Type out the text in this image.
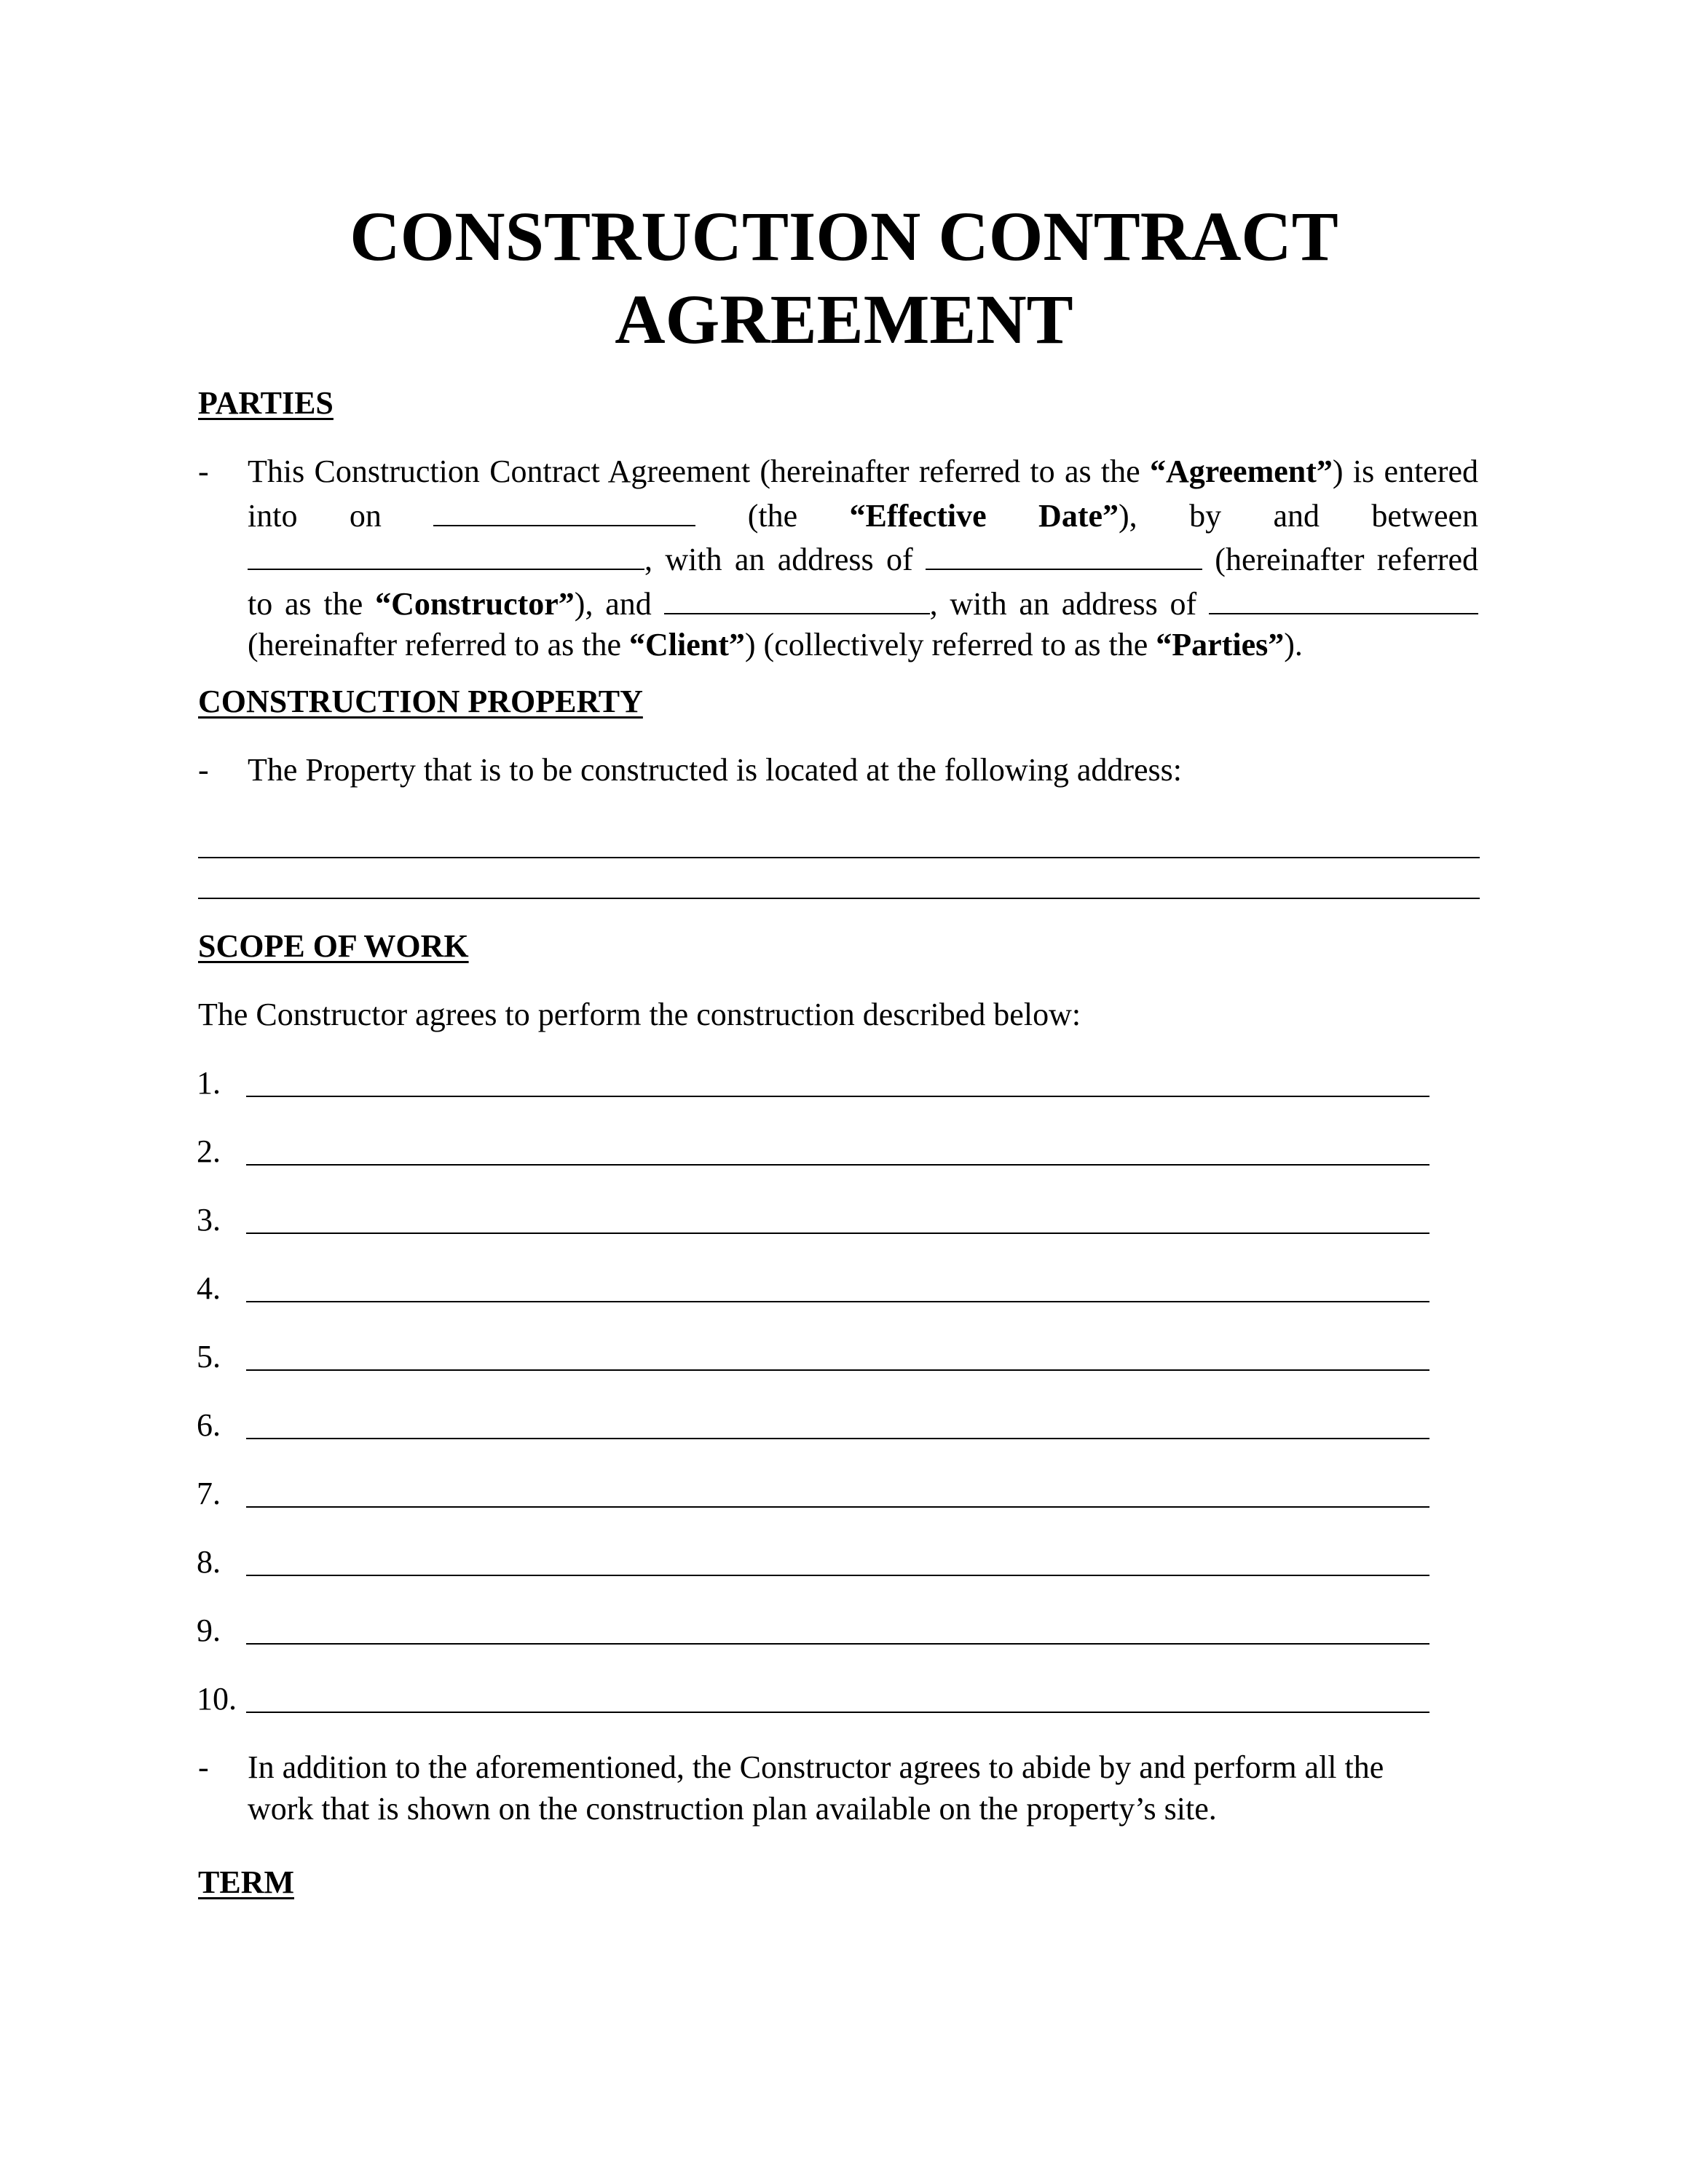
CONSTRUCTION CONTRACT
AGREEMENT
PARTIES
- This Construction Contract Agreement (hereinafter referred to as the “Agreement”) is entered into on	(the “Effective Date”), by and between , with an address of	(hereinafter referred to as the “Constructor”), and	, with an address of  (hereinafter referred to as the “Client”) (collectively referred to as the “Parties”).
CONSTRUCTION PROPERTY
- The Property that is to be constructed is located at the following address:
SCOPE OF WORK
The Constructor agrees to perform the construction described below:
1.
2.
3.
4.
5.
6.
7.
8.
9.
10.
- In addition to the aforementioned, the Constructor agrees to abide by and perform all the work that is shown on the construction plan available on the property’s site.
TERM
